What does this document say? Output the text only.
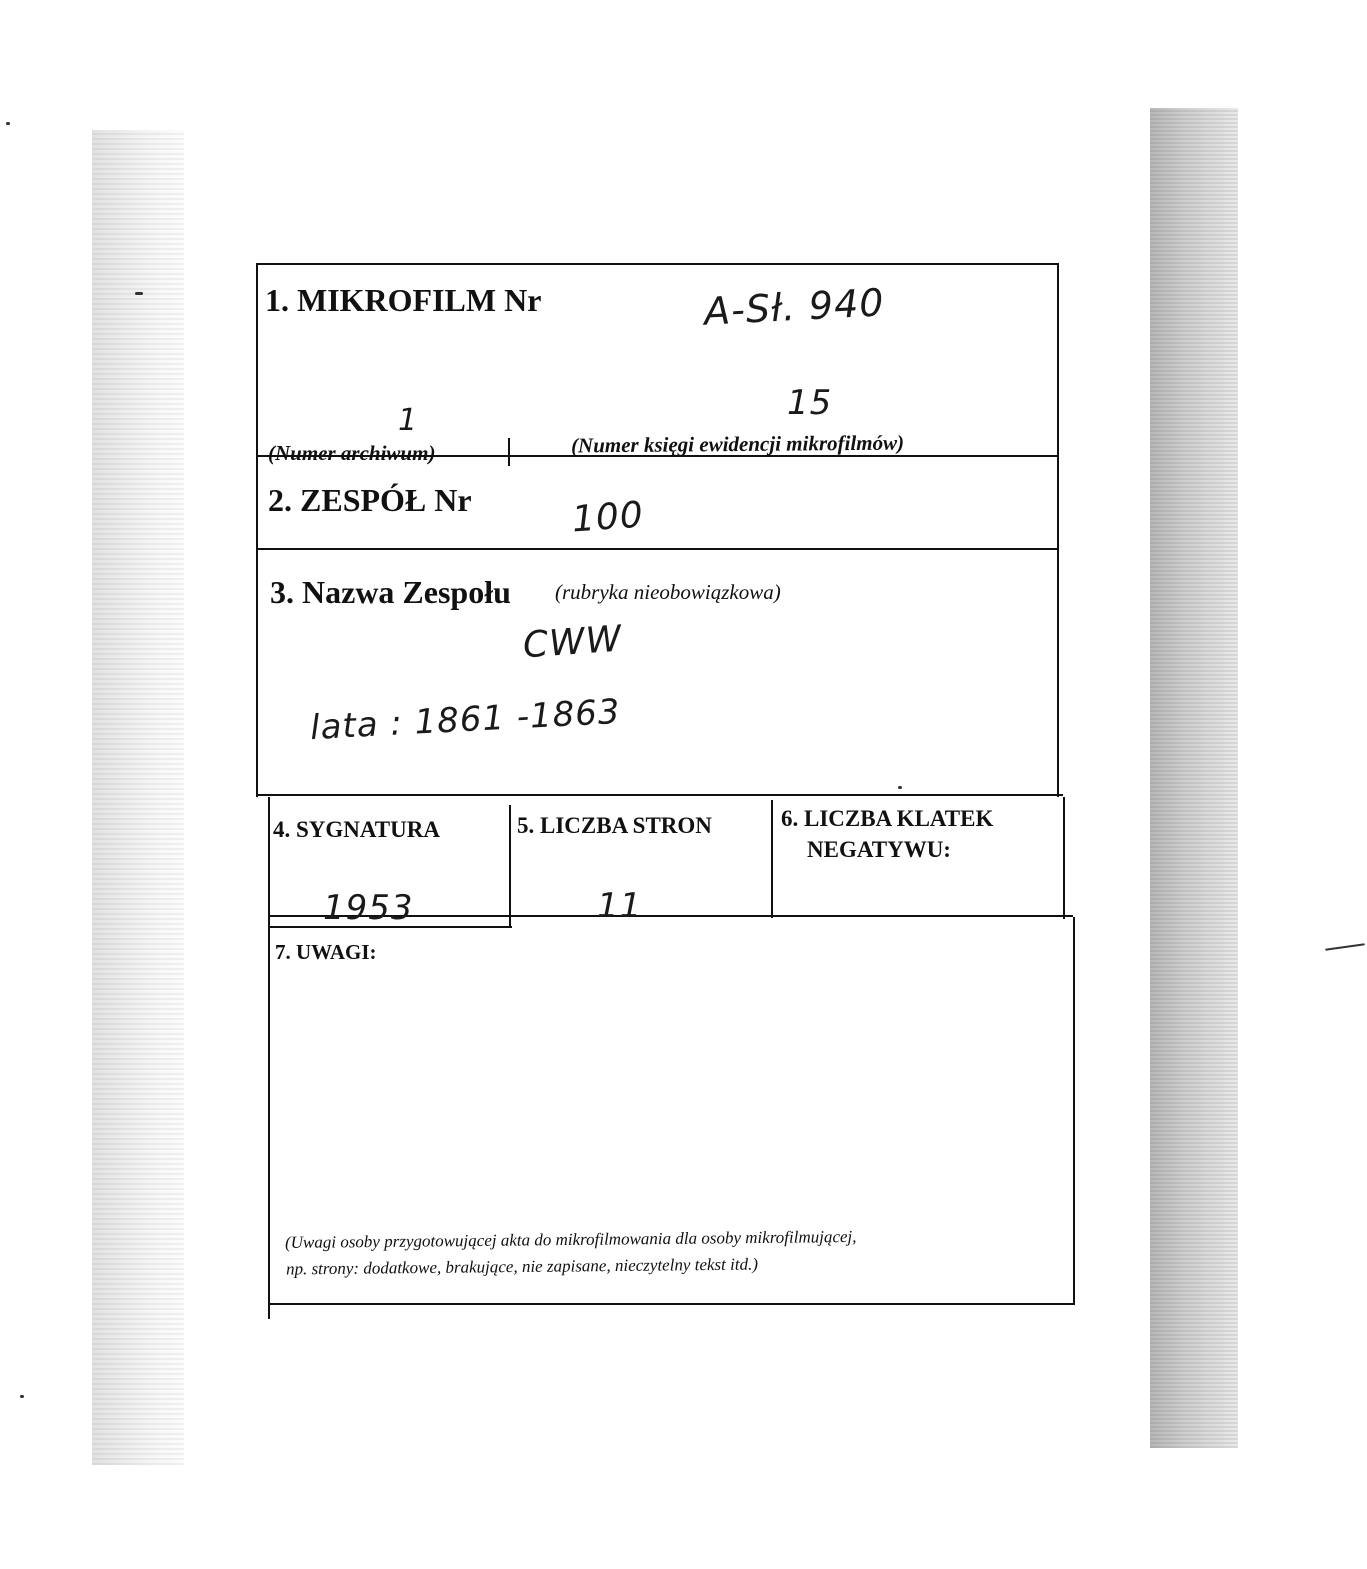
1. MIKROFILM Nr	A-Sł. 940
1	15
(Numer archiwum)	(Numer księgi ewidencji mikrofilmów)
2. ZESPÓŁ Nr	100
3. Nazwa Zespołu (rubryka nieobowiązkowa)
CWW
lata : 1861 -1863
4. SYGNATURA
1953
5. LICZBA STRON
11
6. LICZBA KLATEK
NEGATYWU:
7. UWAGI:
(Uwagi osoby przygotowującej akta do mikrofilmowania dla osoby mikrofilmującej,
np. strony: dodatkowe, brakujące, nie zapisane, nieczytelny tekst itd.)
